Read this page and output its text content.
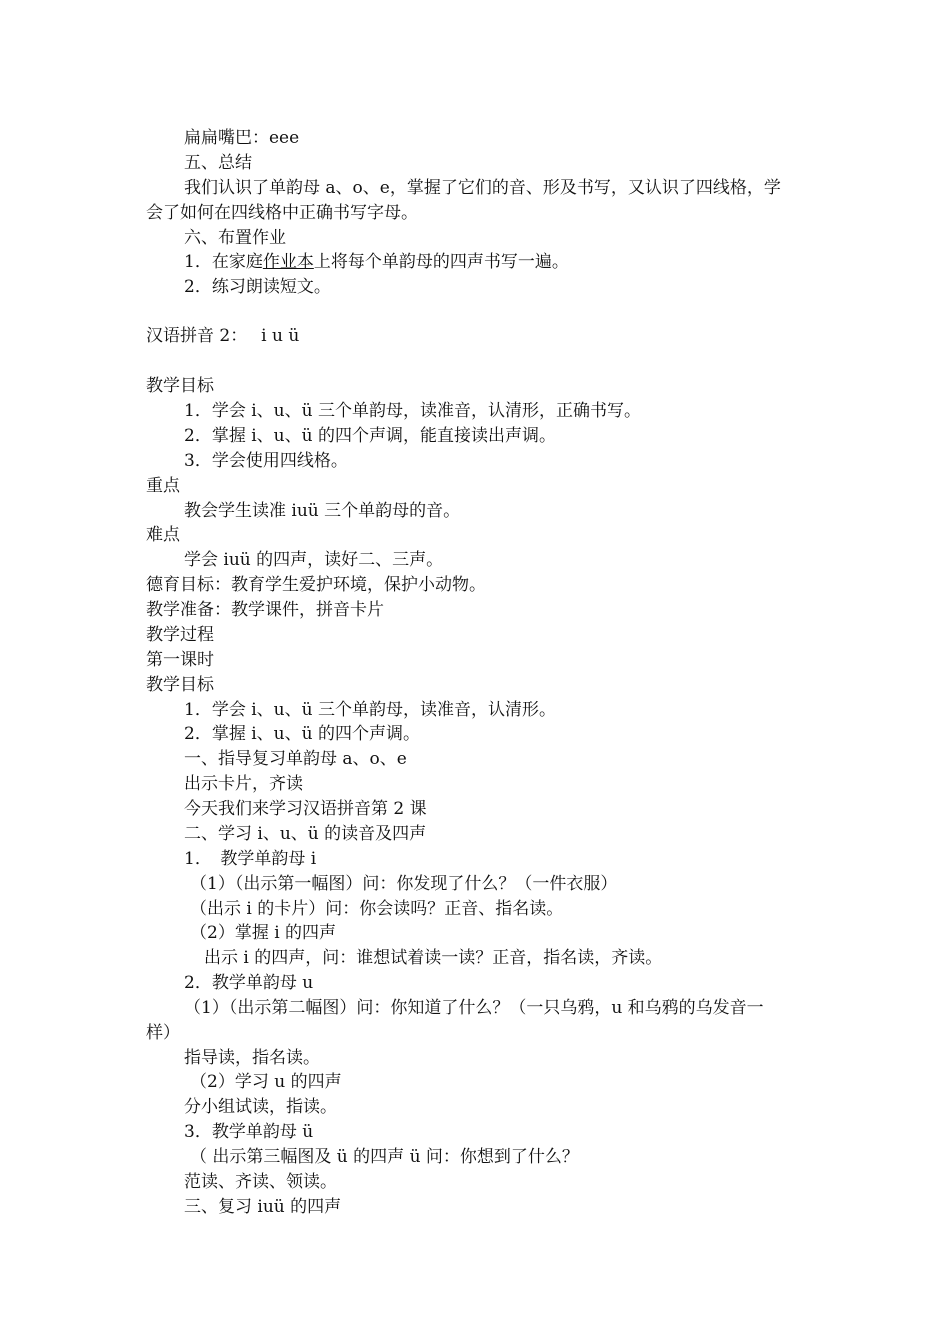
扁扁嘴巴：eee
五、总结
我们认识了单韵母 a、o、e，掌握了它们的音、形及书写，又认识了四线格，学
会了如何在四线格中正确书写字母。
六、布置作业
1．在家庭作业本上将每个单韵母的四声书写一遍。
2．练习朗读短文。
汉语拼音 2：　 i u ü
教学目标
1．学会 i、u、ü 三个单韵母，读准音，认清形，正确书写。
2．掌握 i、u、ü 的四个声调，能直接读出声调。
3．学会使用四线格。
重点
教会学生读准 iuü 三个单韵母的音。
难点
学会 iuü 的四声，读好二、三声。
德育目标：教育学生爱护环境，保护小动物。
教学准备：教学课件，拼音卡片
教学过程
第一课时
教学目标
1．学会 i、u、ü 三个单韵母，读准音，认清形。
2．掌握 i、u、ü 的四个声调。
一、指导复习单韵母 a、o、e
出示卡片，齐读
今天我们来学习汉语拼音第 2 课
二、学习 i、u、ü 的读音及四声
1．　教学单韵母 i
（1）（出示第一幅图）问：你发现了什么？（一件衣服）
（出示 i 的卡片）问：你会读吗？正音、指名读。
（2）掌握 i 的四声
出示 i 的四声，问：谁想试着读一读？正音，指名读，齐读。
2．教学单韵母 u
（1）（出示第二幅图）问：你知道了什么？（一只乌鸦，u 和乌鸦的乌发音一
样）
指导读，指名读。
（2）学习 u 的四声
分小组试读，指读。
3．教学单韵母 ü
（ 出示第三幅图及 ü 的四声 ü 问：你想到了什么？
范读、齐读、领读。
三、复习 iuü 的四声
